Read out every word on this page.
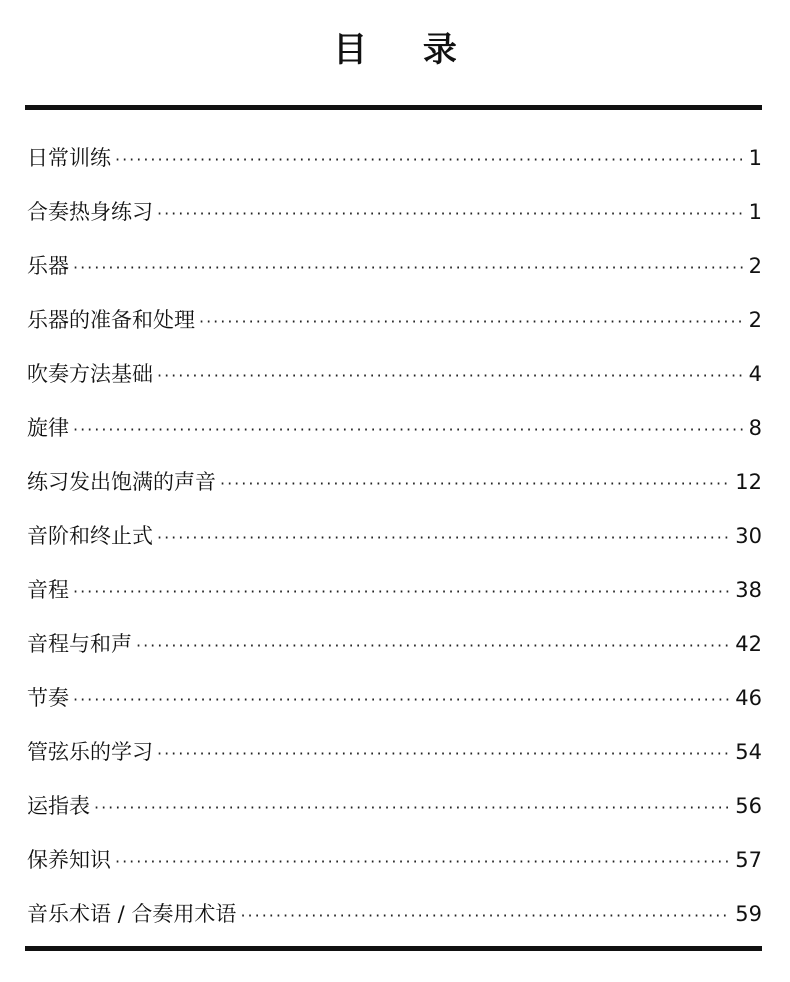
目 录
日常训练 ·····	1
合奏热身练习 ·····	1
乐器 ·····	2
乐器的准备和处理 ·····	2
吹奏方法基础 ·····	4
旋律 ·····	8
练习发出饱满的声音 ·····	12
音阶和终止式 ·····	30
音程 ·····	38
音程与和声 ·····	42
节奏 ·····	46
管弦乐的学习 ·····	54
运指表 ·····	56
保养知识 ·····	57
音乐术语 / 合奏用术语 ·····	59
